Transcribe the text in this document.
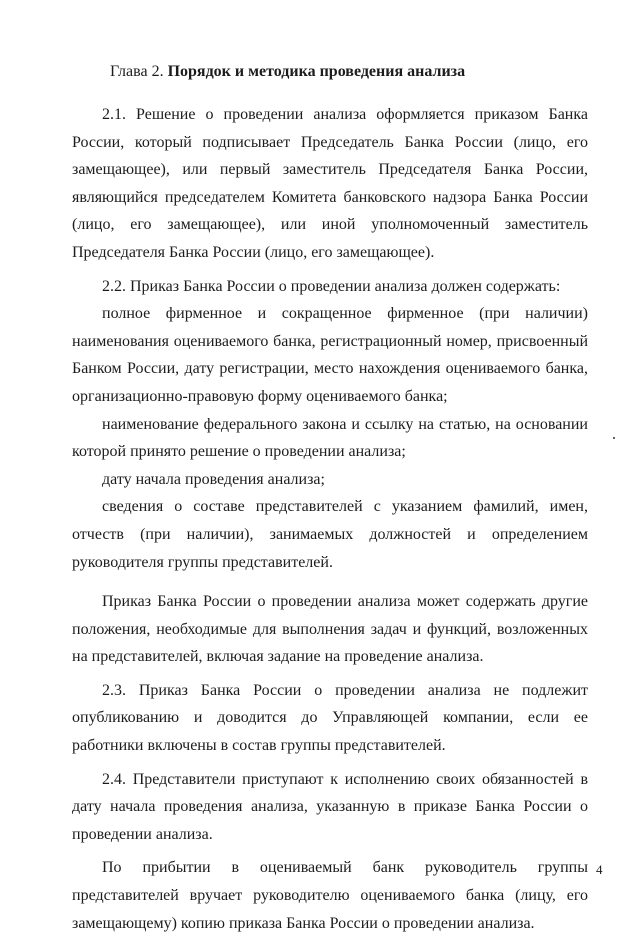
Глава 2. Порядок и методика проведения анализа

2.1. Решение о проведении анализа оформляется приказом Банка России, который подписывает Председатель Банка России (лицо, его замещающее), или первый заместитель Председателя Банка России, являющийся председателем Комитета банковского надзора Банка России (лицо, его замещающее), или иной уполномоченный заместитель Председателя Банка России (лицо, его замещающее).

2.2. Приказ Банка России о проведении анализа должен содержать:

полное фирменное и сокращенное фирменное (при наличии) наименования оцениваемого банка, регистрационный номер, присвоенный Банком России, дату регистрации, место нахождения оцениваемого банка, организационно-правовую форму оцениваемого банка;

наименование федерального закона и ссылку на статью, на основании которой принято решение о проведении анализа;

дату начала проведения анализа;

сведения о составе представителей с указанием фамилий, имен, отчеств (при наличии), занимаемых должностей и определением руководителя группы представителей.

Приказ Банка России о проведении анализа может содержать другие положения, необходимые для выполнения задач и функций, возложенных на представителей, включая задание на проведение анализа.

2.3. Приказ Банка России о проведении анализа не подлежит опубликованию и доводится до Управляющей компании, если ее работники включены в состав группы представителей.

2.4. Представители приступают к исполнению своих обязанностей в дату начала проведения анализа, указанную в приказе Банка России о проведении анализа.

По прибытии в оцениваемый банк руководитель группы представителей вручает руководителю оцениваемого банка (лицу, его замещающему) копию приказа Банка России о проведении анализа.

4
